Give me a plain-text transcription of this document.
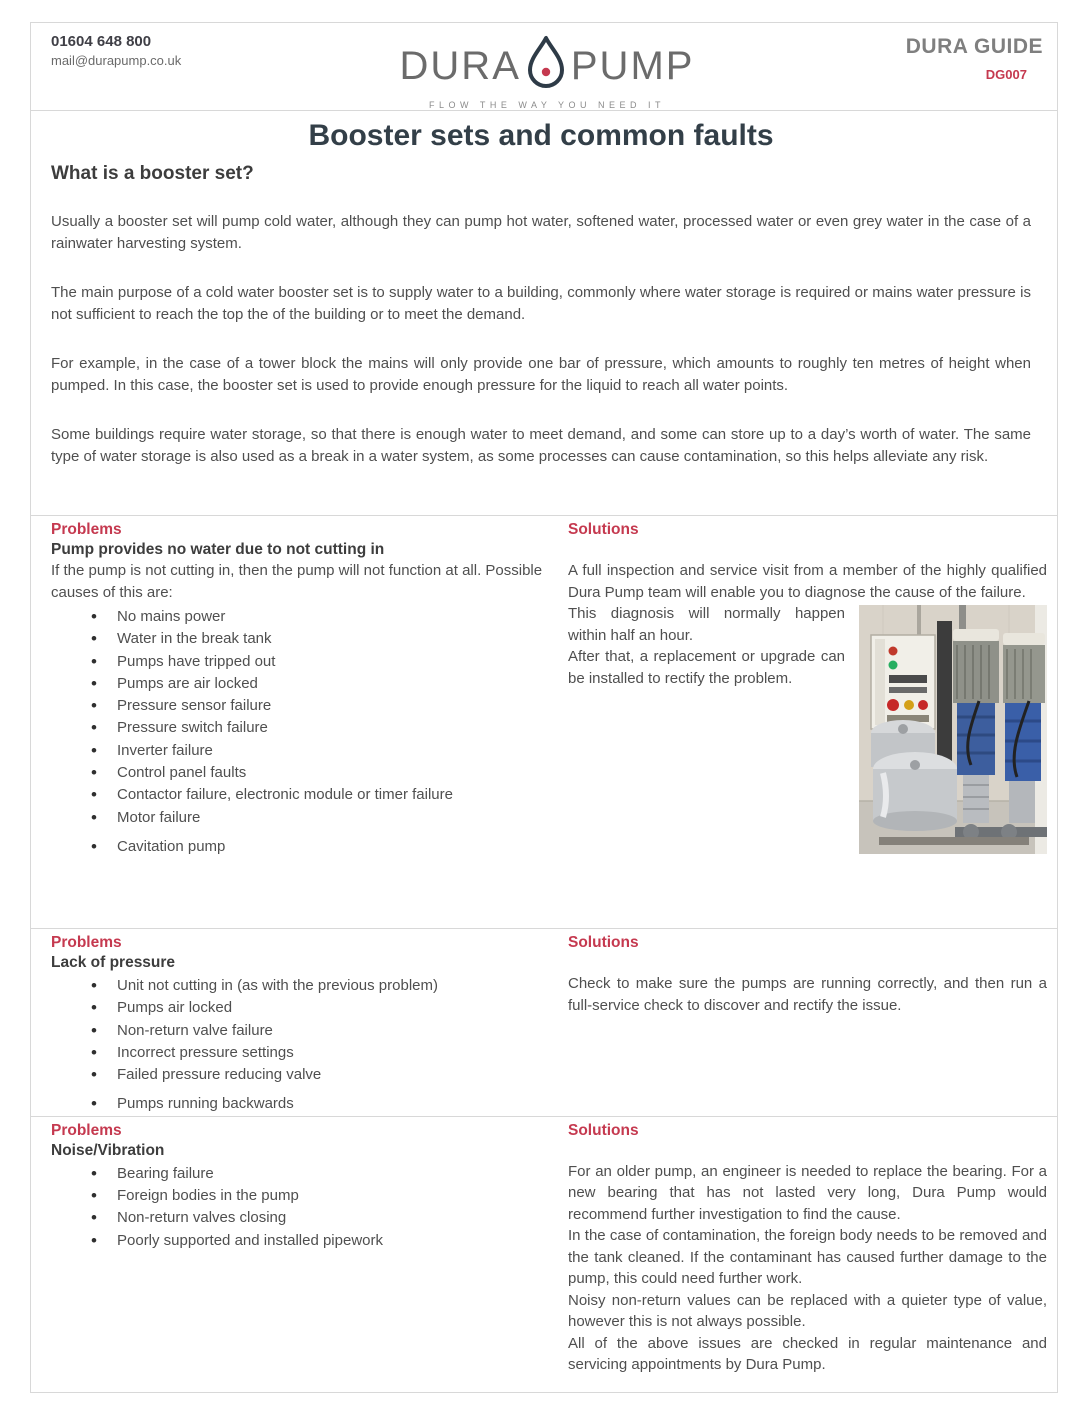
01604 648 800
mail@durapump.co.uk	DURA PUMP
FLOW THE WAY YOU NEED IT
DURA GUIDE
DG007
Booster sets and common faults
What is a booster set?

Usually a booster set will pump cold water, although they can pump hot water, softened water, processed water or even grey water in the case of a rainwater harvesting system.

The main purpose of a cold water booster set is to supply water to a building, commonly where water storage is required or mains water pressure is not sufficient to reach the top the of the building or to meet the demand.

For example, in the case of a tower block the mains will only provide one bar of pressure, which amounts to roughly ten metres of height when pumped. In this case, the booster set is used to provide enough pressure for the liquid to reach all water points.

Some buildings require water storage, so that there is enough water to meet demand, and some can store up to a day’s worth of water. The same type of water storage is also used as a break in a water system, as some processes can cause contamination, so this helps alleviate any risk.

Problems
Pump provides no water due to not cutting in

If the pump is not cutting in, then the pump will not function at all. Possible causes of this are:

• No mains power
• Water in the break tank
• Pumps have tripped out
• Pumps are air locked
• Pressure sensor failure
• Pressure switch failure
• Inverter failure
• Control panel faults
• Contactor failure, electronic module or timer failure
• Motor failure
• Cavitation pump
Solutions

A full inspection and service visit from a member of the highly qualified Dura Pump team will enable you to diagnose the cause of the failure.

This diagnosis will normally happen within half an hour.

After that, a replacement or upgrade can be installed to rectify the problem.

Problems
Lack of pressure
• Unit not cutting in (as with the previous problem)
• Pumps air locked
• Non-return valve failure
• Incorrect pressure settings
• Failed pressure reducing valve
• Pumps running backwards
Solutions

Check to make sure the pumps are running correctly, and then run a full-service check to discover and rectify the issue.

Problems
Noise/Vibration
• Bearing failure
• Foreign bodies in the pump
• Non-return valves closing
• Poorly supported and installed pipework
Solutions

For an older pump, an engineer is needed to replace the bearing. For a new bearing that has not lasted very long, Dura Pump would recommend further investigation to find the cause.

In the case of contamination, the foreign body needs to be removed and the tank cleaned. If the contaminant has caused further damage to the pump, this could need further work.

Noisy non-return values can be replaced with a quieter type of value, however this is not always possible.

All of the above issues are checked in regular maintenance and servicing appointments by Dura Pump.
